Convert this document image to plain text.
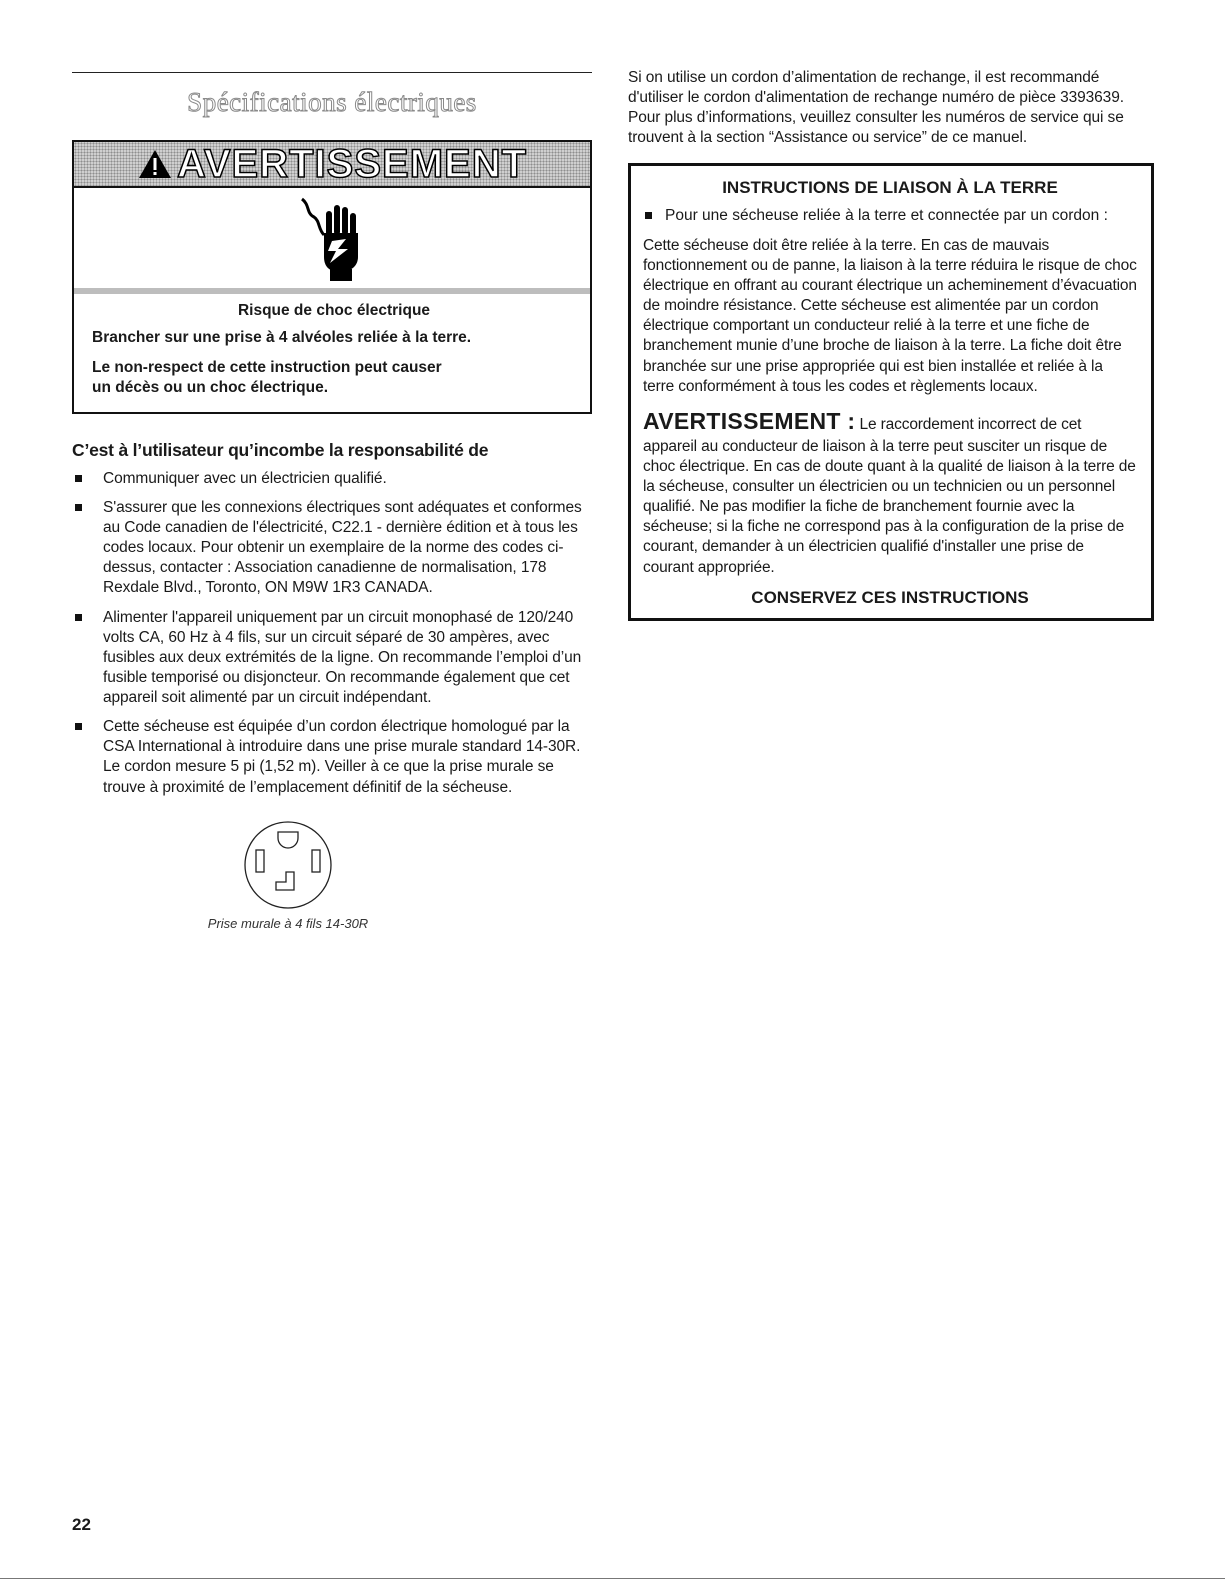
Spécifications électriques
AVERTISSEMENT
Risque de choc électrique
Brancher sur une prise à 4 alvéoles reliée à la terre.
Le non-respect de cette instruction peut causer
un décès ou un choc électrique.
C’est à l’utilisateur qu’incombe la responsabilité de
Communiquer avec un électricien qualifié.
S'assurer que les connexions électriques sont adéquates et conformes au Code canadien de l'électricité, C22.1 - dernière édition et à tous les codes locaux. Pour obtenir un exemplaire de la norme des codes ci-dessus, contacter : Association canadienne de normalisation, 178 Rexdale Blvd., Toronto, ON M9W 1R3 CANADA.
Alimenter l'appareil uniquement par un circuit monophasé de 120/240 volts CA, 60 Hz à 4 fils, sur un circuit séparé de 30 ampères, avec fusibles aux deux extrémités de la ligne. On recommande l’emploi d’un fusible temporisé ou disjoncteur. On recommande également que cet appareil soit alimenté par un circuit indépendant.
Cette sécheuse est équipée d’un cordon électrique homologué par la CSA International à introduire dans une prise murale standard 14-30R. Le cordon mesure 5 pi (1,52 m). Veiller à ce que la prise murale se trouve à proximité de l’emplacement définitif de la sécheuse.
Prise murale à 4 fils 14-30R

Si on utilise un cordon d’alimentation de rechange, il est recommandé d'utiliser le cordon d'alimentation de rechange numéro de pièce 3393639. Pour plus d’informations, veuillez consulter les numéros de service qui se trouvent à la section “Assistance ou service” de ce manuel.

INSTRUCTIONS DE LIAISON À LA TERRE
Pour une sécheuse reliée à la terre et connectée par un cordon :

Cette sécheuse doit être reliée à la terre. En cas de mauvais fonctionnement ou de panne, la liaison à la terre réduira le risque de choc électrique en offrant au courant électrique un acheminement d’évacuation de moindre résistance. Cette sécheuse est alimentée par un cordon électrique comportant un conducteur relié à la terre et une fiche de branchement munie d’une broche de liaison à la terre. La fiche doit être branchée sur une prise appropriée qui est bien installée et reliée à la terre conformément à tous les codes et règlements locaux.

AVERTISSEMENT : Le raccordement incorrect de cet appareil au conducteur de liaison à la terre peut susciter un risque de choc électrique. En cas de doute quant à la qualité de liaison à la terre de la sécheuse, consulter un électricien ou un technicien ou un personnel qualifié. Ne pas modifier la fiche de branchement fournie avec la sécheuse; si la fiche ne correspond pas à la configuration de la prise de courant, demander à un électricien qualifié d'installer une prise de courant appropriée.

CONSERVEZ CES INSTRUCTIONS
22
